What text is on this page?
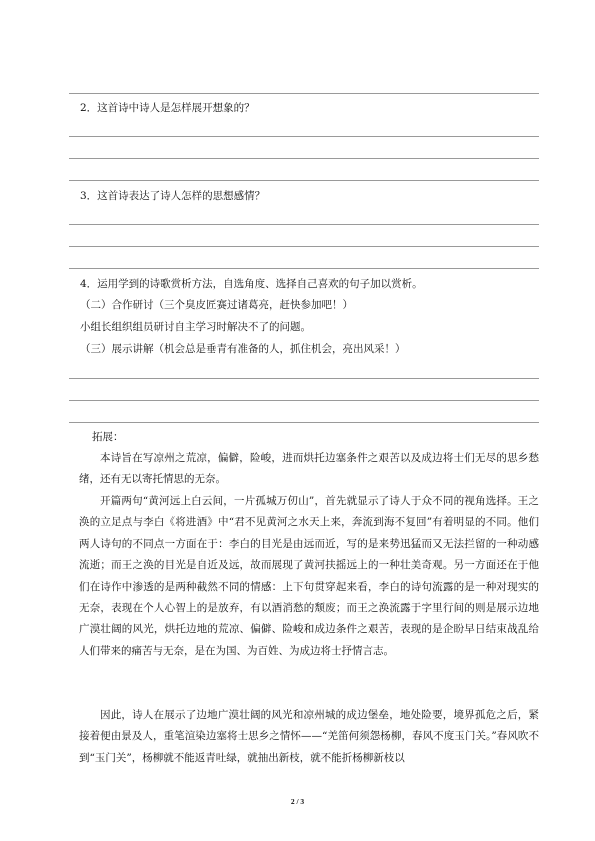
2．这首诗中诗人是怎样展开想象的？
3．这首诗表达了诗人怎样的思想感情？
4．运用学到的诗歌赏析方法，自选角度、选择自己喜欢的句子加以赏析。
（二）合作研讨（三个臭皮匠赛过诸葛亮，赶快参加吧！）
小组长组织组员研讨自主学习时解决不了的问题。
（三）展示讲解（机会总是垂青有准备的人，抓住机会，亮出风采！）
拓展：

本诗旨在写凉州之荒凉，偏僻，险峻，进而烘托边塞条件之艰苦以及成边将士们无尽的思乡愁绪，还有无以寄托情思的无奈。

开篇两句“黄河远上白云间，一片孤城万仞山”，首先就显示了诗人于众不同的视角选择。王之涣的立足点与李白《将进酒》中“君不见黄河之水天上来，奔流到海不复回”有着明显的不同。他们两人诗句的不同点一方面在于：李白的目光是由远而近，写的是来势迅猛而又无法拦留的一种动感流逝；而王之涣的目光是自近及远，故而展现了黄河扶摇远上的一种壮美奇观。另一方面还在于他们在诗作中渗透的是两种截然不同的情感：上下句贯穿起来看，李白的诗句流露的是一种对现实的无奈，表现在个人心智上的是放弃，有以酒消愁的颓废；而王之涣流露于字里行间的则是展示边地广漠壮阔的风光，烘托边地的荒凉、偏僻、险峻和成边条件之艰苦，表现的是企盼早日结束战乱给人们带来的痛苦与无奈，是在为国、为百姓、为成边将士抒情言志。

因此，诗人在展示了边地广漠壮阔的风光和凉州城的成边堡垒，地处险要，境界孤危之后，紧接着便由景及人，重笔渲染边塞将士思乡之情怀——“羌笛何须怨杨柳，春风不度玉门关。”春风吹不到“玉门关”，杨柳就不能返青吐绿，就抽出新枝，就不能折杨柳新枝以

2 / 3
